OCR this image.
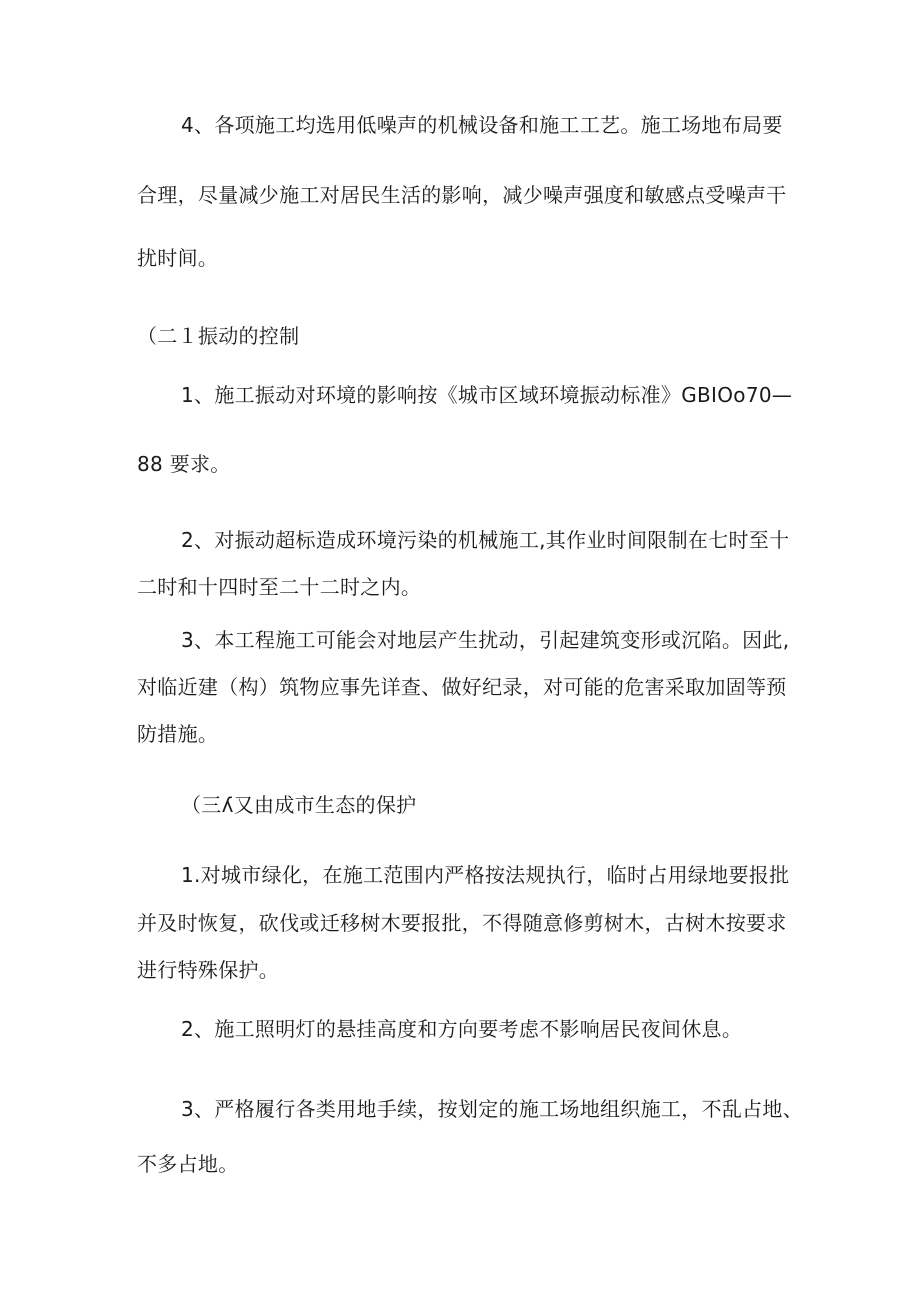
4、各项施工均选用低噪声的机械设备和施工工艺。施工场地布局要
合理，尽量减少施工对居民生活的影响，减少噪声强度和敏感点受噪声干
扰时间。
（二１振动的控制
1、施工振动对环境的影响按《城市区域环境振动标准》GBIOo70—
88 要求。
2、对振动超标造成环境污染的机械施工,其作业时间限制在七时至十
二时和十四时至二十二时之内。
3、本工程施工可能会对地层产生扰动，引起建筑变形或沉陷。因此,
对临近建（构）筑物应事先详查、做好纪录，对可能的危害采取加固等预
防措施。
（三ʎ又由成市生态的保护
1.对城市绿化，在施工范围内严格按法规执行，临时占用绿地要报批
并及时恢复，砍伐或迁移树木要报批，不得随意修剪树木，古树木按要求
进行特殊保护。
2、施工照明灯的悬挂高度和方向要考虑不影响居民夜间休息。
3、严格履行各类用地手续，按划定的施工场地组织施工，不乱占地、
不多占地。
